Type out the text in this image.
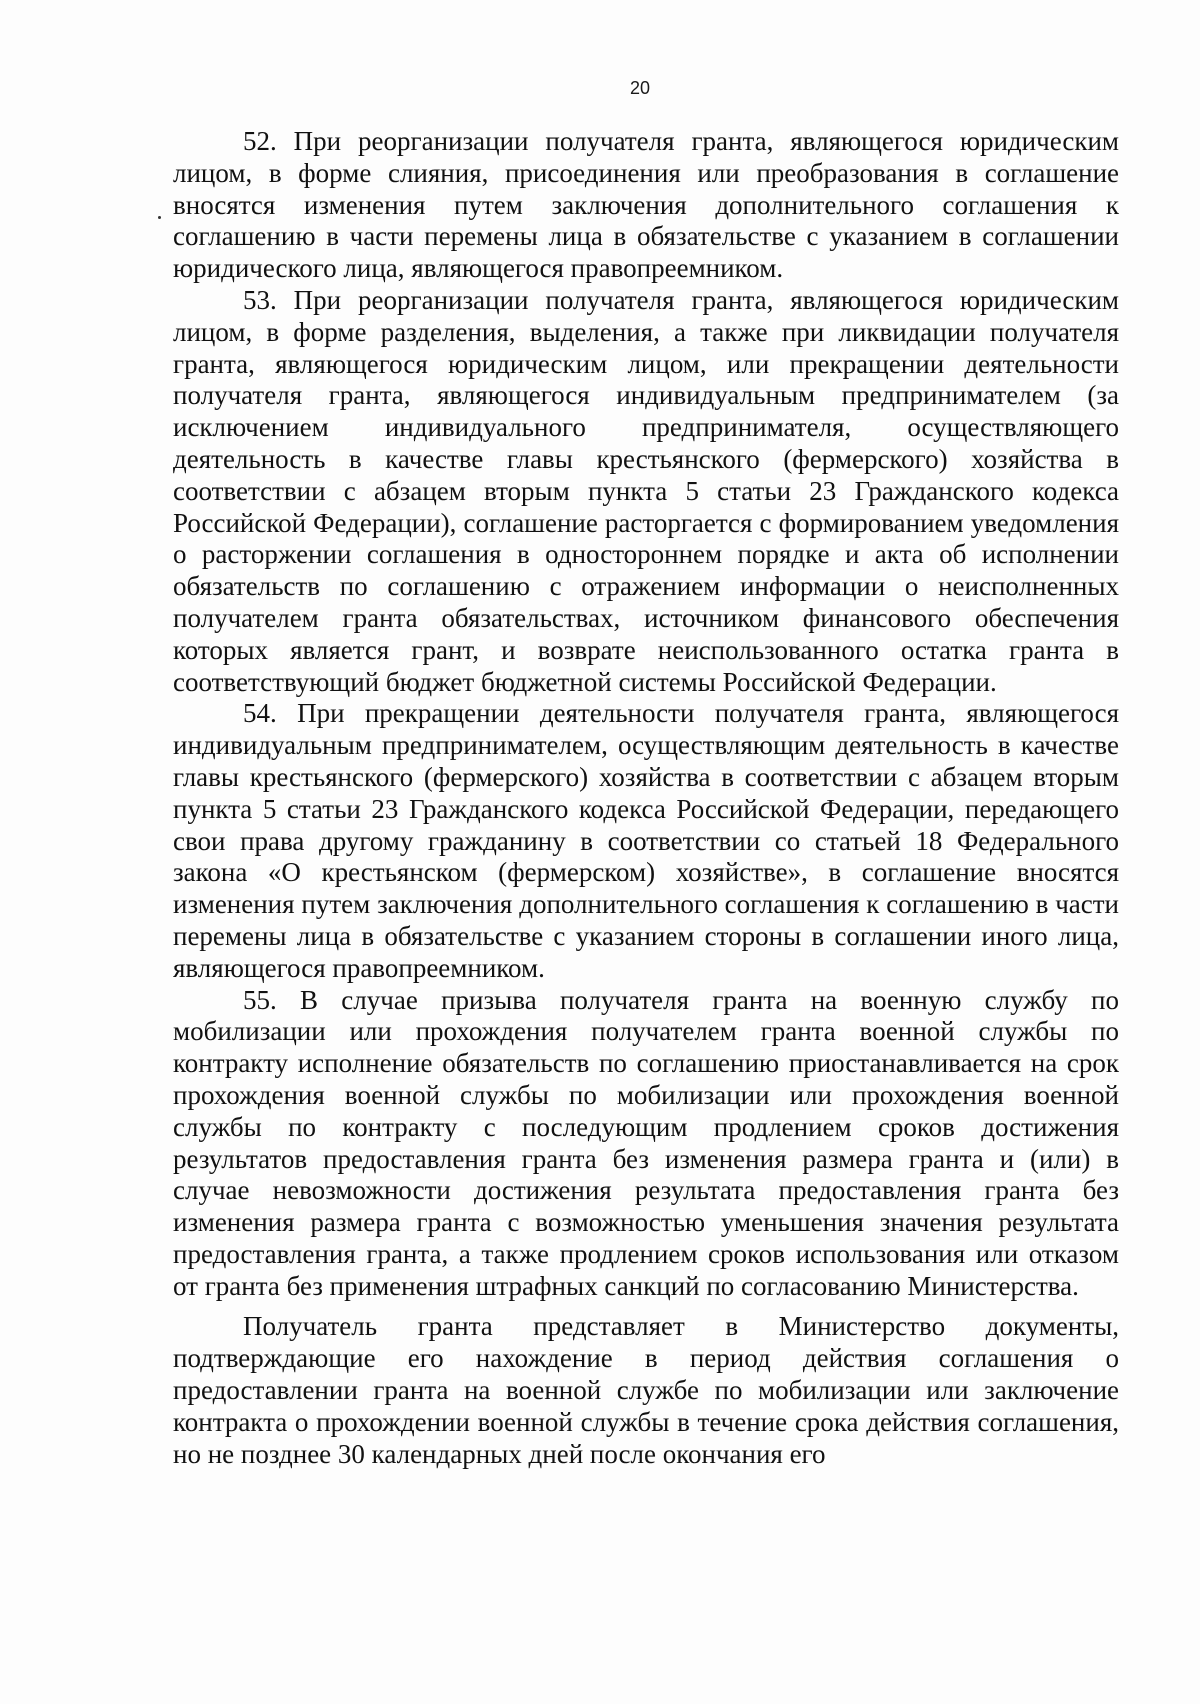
20

52. При реорганизации получателя гранта, являющегося юридическим лицом, в форме слияния, присоединения или преобразования в соглашение вносятся изменения путем заключения дополнительного соглашения к соглашению в части перемены лица в обязательстве с указанием в соглашении юридического лица, являющегося правопреемником.

53. При реорганизации получателя гранта, являющегося юридическим лицом, в форме разделения, выделения, а также при ликвидации получателя гранта, являющегося юридическим лицом, или прекращении деятельности получателя гранта, являющегося индивидуальным предпринимателем (за исключением индивидуального предпринимателя, осуществляющего деятельность в качестве главы крестьянского (фермерского) хозяйства в соответствии с абзацем вторым пункта 5 статьи 23 Гражданского кодекса Российской Федерации), соглашение расторгается с формированием уведомления о расторжении соглашения в одностороннем порядке и акта об исполнении обязательств по соглашению с отражением информации о неисполненных получателем гранта обязательствах, источником финансового обеспечения которых является грант, и возврате неиспользованного остатка гранта в соответствующий бюджет бюджетной системы Российской Федерации.

54. При прекращении деятельности получателя гранта, являющегося индивидуальным предпринимателем, осуществляющим деятельность в качестве главы крестьянского (фермерского) хозяйства в соответствии с абзацем вторым пункта 5 статьи 23 Гражданского кодекса Российской Федерации, передающего свои права другому гражданину в соответствии со статьей 18 Федерального закона «О крестьянском (фермерском) хозяйстве», в соглашение вносятся изменения путем заключения дополнительного соглашения к соглашению в части перемены лица в обязательстве с указанием стороны в соглашении иного лица, являющегося правопреемником.

55. В случае призыва получателя гранта на военную службу по мобилизации или прохождения получателем гранта военной службы по контракту исполнение обязательств по соглашению приостанавливается на срок прохождения военной службы по мобилизации или прохождения военной службы по контракту с последующим продлением сроков достижения результатов предоставления гранта без изменения размера гранта и (или) в случае невозможности достижения результата предоставления гранта без изменения размера гранта с возможностью уменьшения значения результата предоставления гранта, а также продлением сроков использования или отказом от гранта без применения штрафных санкций по согласованию Министерства.

Получатель гранта представляет в Министерство документы, подтверждающие его нахождение в период действия соглашения о предоставлении гранта на военной службе по мобилизации или заключение контракта о прохождении военной службы в течение срока действия соглашения, но не позднее 30 календарных дней после окончания его
